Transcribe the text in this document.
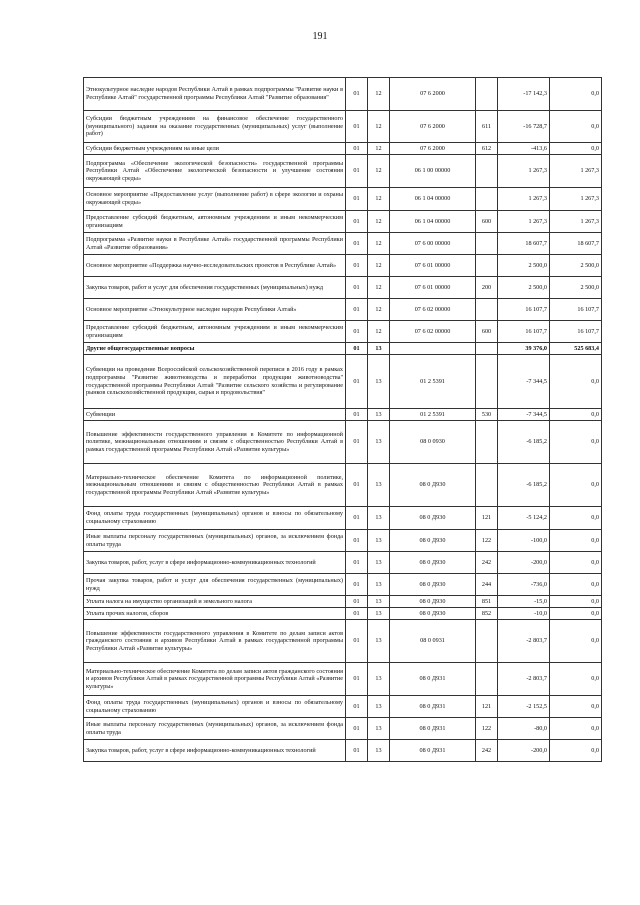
191
Этнокультурное наследие народов Республики Алтай в рамках подпрограммы "Развитие науки в Республике Алтай" государственной программы Республики Алтай "Развитие образования"	01	12	07 6 2000		-17 142,3	0,0
Субсидии бюджетным учреждениям на финансовое обеспечение государственного (муниципального) задания на оказание государственных (муниципальных) услуг (выполнение работ)	01	12	07 6 2000	611	-16 728,7	0,0
Субсидии бюджетным учреждениям на иные цели	01	12	07 6 2000	612	-413,6	0,0
Подпрограмма «Обеспечение экологической безопасности» государственной программы Республики Алтай «Обеспечение экологической безопасности и улучшение состояния окружающей среды»	01	12	06 1 00 00000		1 267,3	1 267,3
Основное мероприятие «Предоставление услуг (выполнение работ) в сфере экологии и охраны окружающей среды»	01	12	06 1 04 00000		1 267,3	1 267,3
Предоставление субсидий бюджетным, автономным учреждениям и иным некоммерческим организациям	01	12	06 1 04 00000	600	1 267,3	1 267,3
Подпрограмма «Развитие науки в Республике Алтай» государственной программы Республики Алтай «Развитие образования»	01	12	07 6 00 00000		18 607,7	18 607,7
Основное мероприятие «Поддержка научно-исследовательских проектов в Республике Алтай»	01	12	07 6 01 00000		2 500,0	2 500,0
Закупка товаров, работ и услуг для обеспечения государственных (муниципальных) нужд	01	12	07 6 01 00000	200	2 500,0	2 500,0
Основное мероприятие «Этнокультурное наследие народов Республики Алтай»	01	12	07 6 02 00000		16 107,7	16 107,7
Предоставление субсидий бюджетным, автономным учреждениям и иным некоммерческим организациям	01	12	07 6 02 00000	600	16 107,7	16 107,7
Другие общегосударственные вопросы	01	13			39 376,0	525 683,4
Субвенции на проведение Всероссийской сельскохозяйственной переписи в 2016 году в рамках подпрограммы "Развитие животноводства и переработки продукции животноводства" государственной программы Республики Алтай "Развитие сельского хозяйства и регулирование рынков сельскохозяйственной продукции, сырья и продовольствия"	01	13	01 2 5391		-7 344,5	0,0
Субвенции	01	13	01 2 5391	530	-7 344,5	0,0
Повышение эффективности государственного управления в Комитете по информационной политике, межнациональным отношениям и связям с общественностью Республики Алтай в рамках государственной программы Республики Алтай «Развитие культуры»	01	13	08 0 0930		-6 185,2	0,0
Материально-техническое обеспечение Комитета по информационной политике, межнациональным отношениям и связям с общественностью Республики Алтай в рамках государственной программы Республики Алтай «Развитие культуры»	01	13	08 0 Д930		-6 185,2	0,0
Фонд оплаты труда государственных (муниципальных) органов и взносы по обязательному социальному страхованию	01	13	08 0 Д930	121	-5 124,2	0,0
Иные выплаты персоналу государственных (муниципальных) органов, за исключением фонда оплаты труда	01	13	08 0 Д930	122	-100,0	0,0
Закупка товаров, работ, услуг в сфере информационно-коммуникационных технологий	01	13	08 0 Д930	242	-200,0	0,0
Прочая закупка товаров, работ и услуг для обеспечения государственных (муниципальных) нужд	01	13	08 0 Д930	244	-736,0	0,0
Уплата налога на имущество организаций и земельного налога	01	13	08 0 Д930	851	-15,0	0,0
Уплата прочих налогов, сборов	01	13	08 0 Д930	852	-10,0	0,0
Повышение эффективности государственного управления в Комитете по делам записи актов гражданского состояния и архивов Республики Алтай в рамках государственной программы Республики Алтай «Развитие культуры»	01	13	08 0 0931		-2 803,7	0,0
Материально-техническое обеспечение Комитета по делам записи актов гражданского состояния и архивов Республики Алтай в рамках государственной программы Республики Алтай «Развитие культуры»	01	13	08 0 Д931		-2 803,7	0,0
Фонд оплаты труда государственных (муниципальных) органов и взносы по обязательному социальному страхованию	01	13	08 0 Д931	121	-2 152,5	0,0
Иные выплаты персоналу государственных (муниципальных) органов, за исключением фонда оплаты труда	01	13	08 0 Д931	122	-80,0	0,0
Закупка товаров, работ, услуг в сфере информационно-коммуникационных технологий	01	13	08 0 Д931	242	-200,0	0,0
